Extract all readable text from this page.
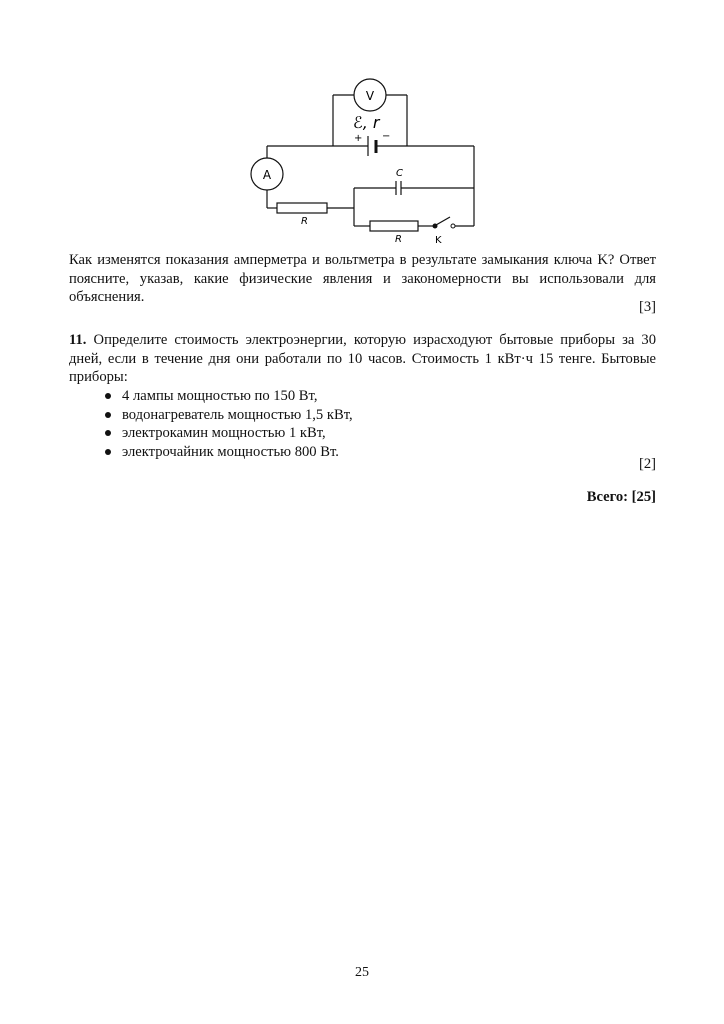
V
A
ℰ, r
+ −
C
R
R	K
Как изменятся показания амперметра и вольтметра в результате замыкания ключа K? Ответ поясните, указав, какие физические явления и закономерности вы использовали для объяснения.
[3]
11. Определите стоимость электроэнергии, которую израсходуют бытовые приборы за 30 дней, если в течение дня они работали по 10 часов. Стоимость 1 кВт·ч 15 тенге. Бытовые приборы:
4 лампы мощностью по 150 Вт,
водонагреватель мощностью 1,5 кВт,
электрокамин мощностью 1 кВт,
электрочайник мощностью 800 Вт.
[2]
Всего: [25]
25
